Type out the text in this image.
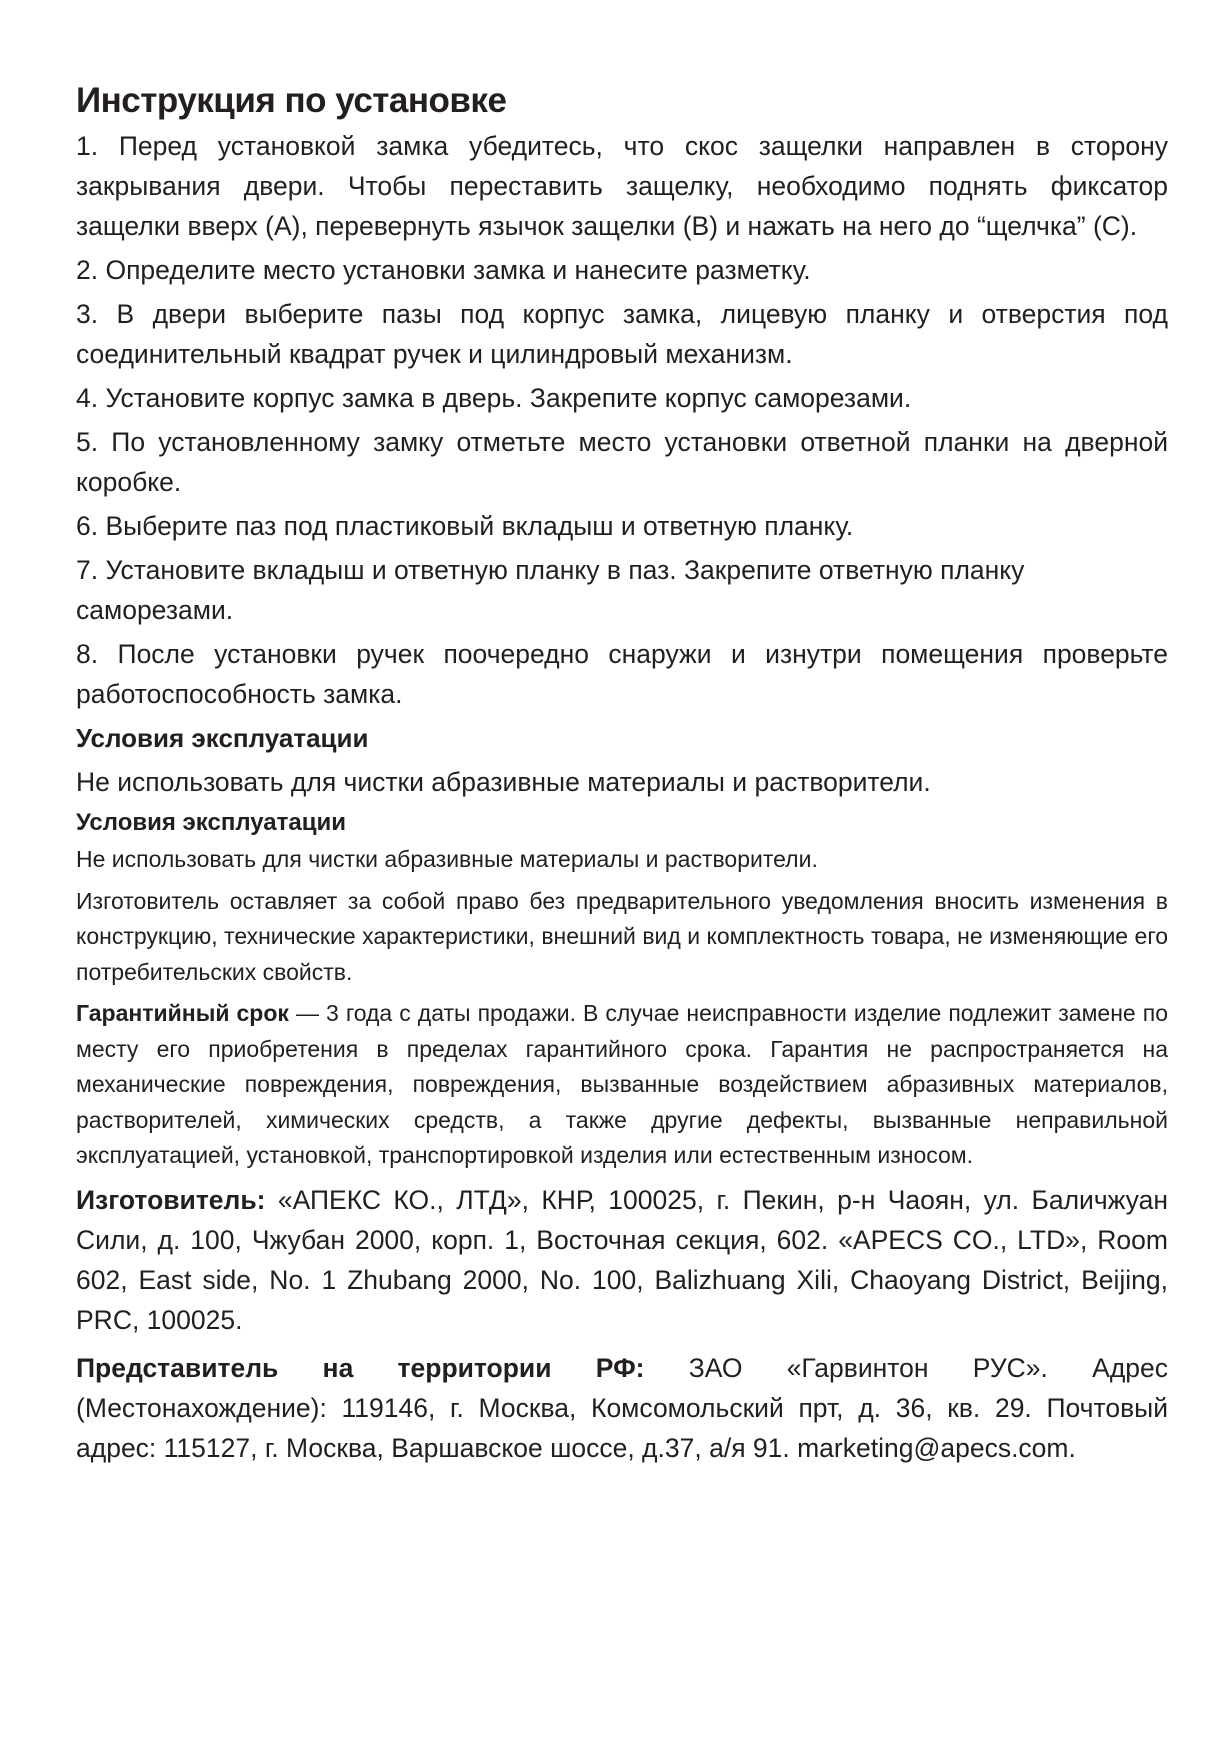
Инструкция по установке

1. Перед установкой замка убедитесь, что скос защелки направлен в сторону закрывания двери. Чтобы переставить защелку, необходимо поднять фиксатор защелки вверх (А), перевернуть язычок защелки (В) и нажать на него до “щелчка” (С).

2. Определите место установки замка и нанесите разметку.

3. В двери выберите пазы под корпус замка, лицевую планку и отверстия под соединительный квадрат ручек и цилиндровый механизм.

4. Установите корпус замка в дверь. Закрепите корпус саморезами.

5. По установленному замку отметьте место установки ответной планки на дверной коробке.

6. Выберите паз под пластиковый вкладыш и ответную планку.

7. Установите вкладыш и ответную планку в паз. Закрепите ответную планку саморезами.

8. После установки ручек поочередно снаружи и изнутри помещения проверьте работоспособность замка.

Условия эксплуатации

Не использовать для чистки абразивные материалы и растворители.

Условия эксплуатации

Не использовать для чистки абразивные материалы и растворители.

Изготовитель оставляет за собой право без предварительного уведомления вносить изменения в конструкцию, технические характеристики, внешний вид и комплектность товара, не изменяющие его потребительских свойств.

Гарантийный срок — 3 года с даты продажи. В случае неисправности изделие подлежит замене по месту его приобретения в пределах гарантийного срока. Гарантия не распространяется на механические повреждения, повреждения, вызванные воздействием абразивных материалов, растворителей, химических средств, а также другие дефекты, вызванные неправильной эксплуатацией, установкой, транспортировкой изделия или естественным износом.

Изготовитель: «АПЕКС КО., ЛТД», КНР, 100025, г. Пекин, р-н Чаоян, ул. Баличжуан Сили, д. 100, Чжубан 2000, корп. 1, Восточная секция, 602. «APECS CO., LTD», Room 602, East side, No. 1 Zhubang 2000, No. 100, Balizhuang Xili, Chaoyang District, Beijing, PRC, 100025.

Представитель на территории РФ: ЗАО «Гарвинтон РУС». Адрес (Местонахождение): 119146, г. Москва, Комсомольский прт, д. 36, кв. 29. Почтовый адрес: 115127, г. Москва, Варшавское шоссе, д.37, а/я 91. marketing@apecs.com.
